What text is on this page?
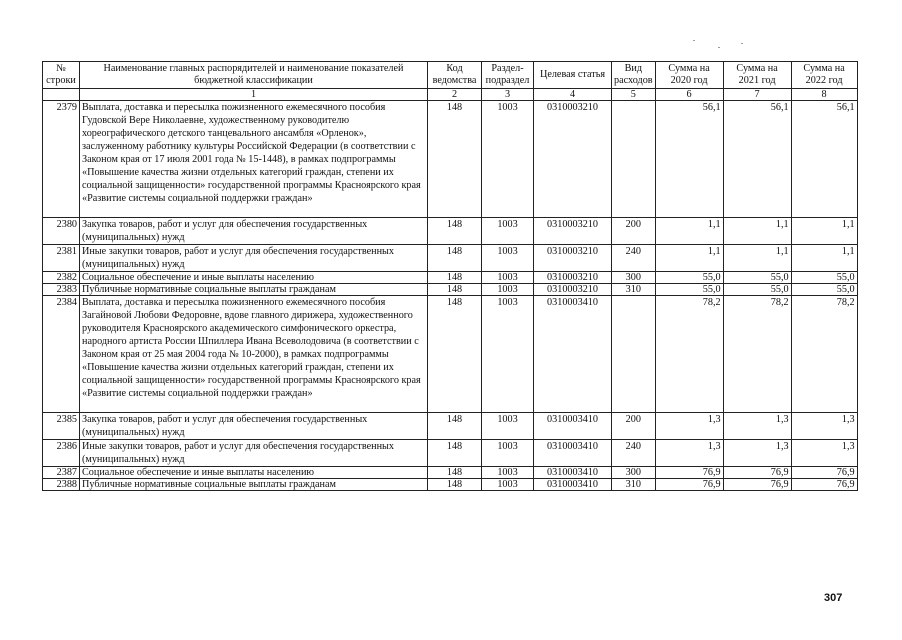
№ строки	Наименование главных распорядителей и наименование показателей бюджетной классификации	Код ведомства	Раздел-подраздел	Целевая статья	Вид расходов	Сумма на 2020 год	Сумма на 2021 год	Сумма на 2022 год
	1	2	3	4	5	6	7	8
2379	Выплата, доставка и пересылка пожизненного ежемесячного пособия Гудовской Вере Николаевне, художественному руководителю хореографического детского танцевального ансамбля «Орленок», заслуженному работнику культуры Российской Федерации (в соответствии с Законом края от 17 июля 2001 года № 15-1448), в рамках подпрограммы «Повышение качества жизни отдельных категорий граждан, степени их социальной защищенности» государственной программы Красноярского края «Развитие системы социальной поддержки граждан»	148	1003	0310003210		56,1	56,1	56,1
2380	Закупка товаров, работ и услуг для обеспечения государственных (муниципальных) нужд	148	1003	0310003210	200	1,1	1,1	1,1
2381	Иные закупки товаров, работ и услуг для обеспечения государственных (муниципальных) нужд	148	1003	0310003210	240	1,1	1,1	1,1
2382	Социальное обеспечение и иные выплаты населению	148	1003	0310003210	300	55,0	55,0	55,0
2383	Публичные нормативные социальные выплаты гражданам	148	1003	0310003210	310	55,0	55,0	55,0
2384	Выплата, доставка и пересылка пожизненного ежемесячного пособия Загайновой Любови Федоровне, вдове главного дирижера, художественного руководителя Красноярского академического симфонического оркестра, народного артиста России Шпиллера Ивана Всеволодовича (в соответствии с Законом края от 25 мая 2004 года № 10-2000), в рамках подпрограммы «Повышение качества жизни отдельных категорий граждан, степени их социальной защищенности» государственной программы Красноярского края «Развитие системы социальной поддержки граждан»	148	1003	0310003410		78,2	78,2	78,2
2385	Закупка товаров, работ и услуг для обеспечения государственных (муниципальных) нужд	148	1003	0310003410	200	1,3	1,3	1,3
2386	Иные закупки товаров, работ и услуг для обеспечения государственных (муниципальных) нужд	148	1003	0310003410	240	1,3	1,3	1,3
2387	Социальное обеспечение и иные выплаты населению	148	1003	0310003410	300	76,9	76,9	76,9
2388	Публичные нормативные социальные выплаты гражданам	148	1003	0310003410	310	76,9	76,9	76,9
307
